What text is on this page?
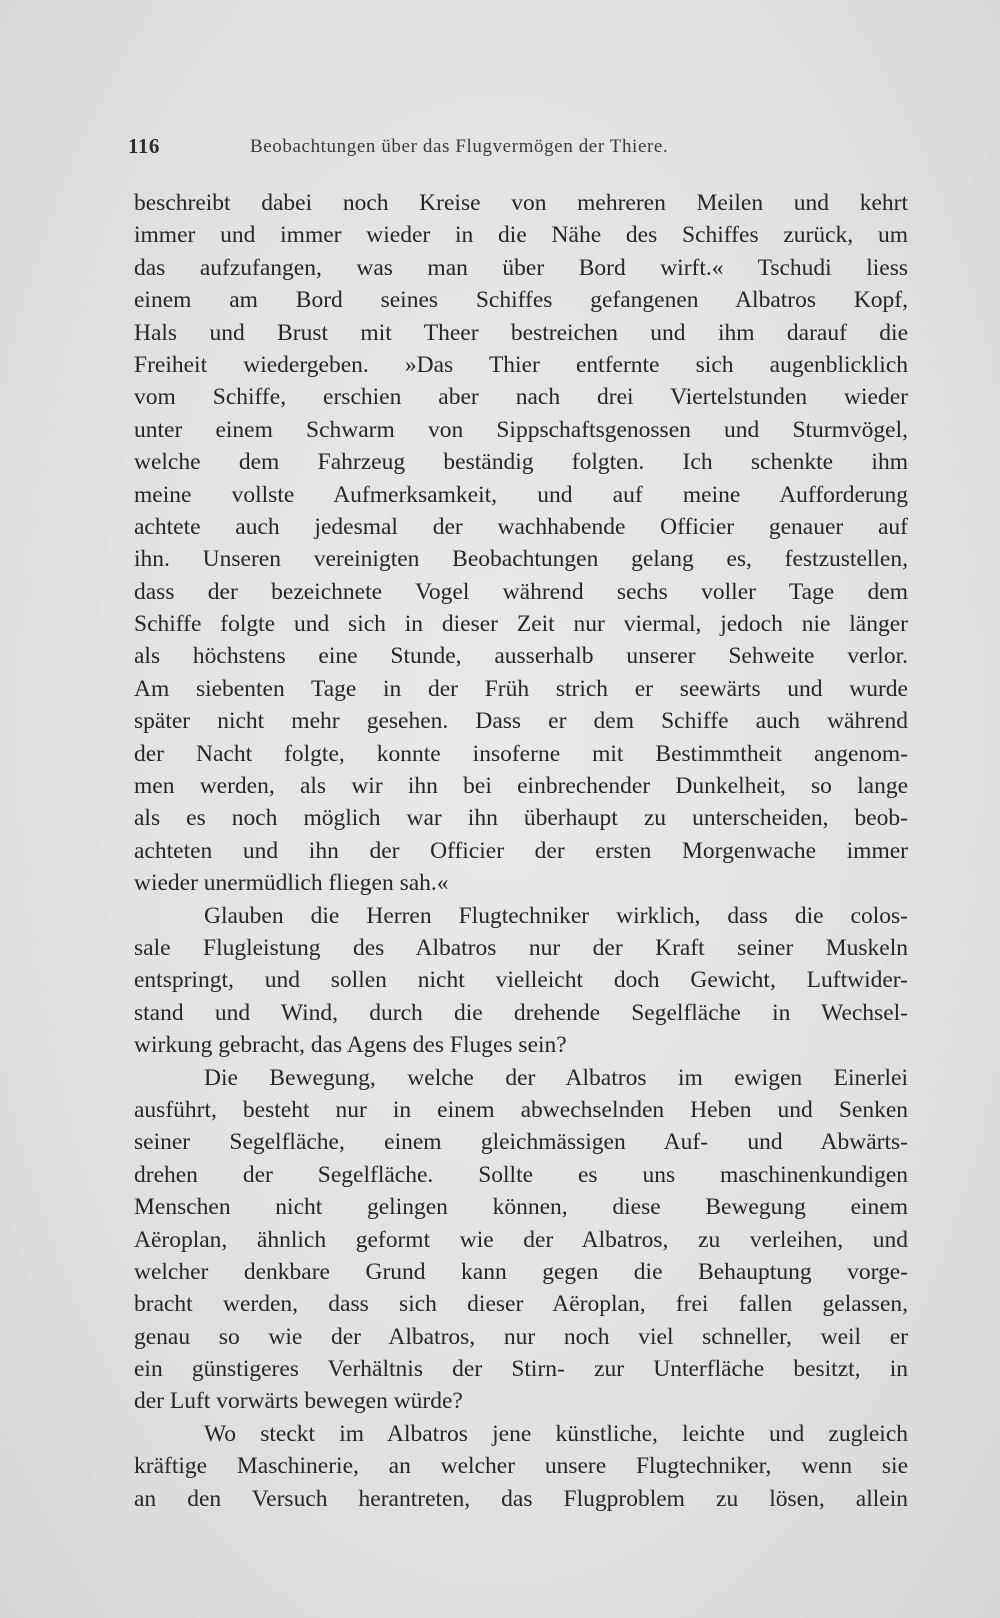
116	Beobachtungen über das Flugvermögen der Thiere.
beschreibt dabei noch Kreise von mehreren Meilen und kehrt
immer und immer wieder in die Nähe des Schiffes zurück, um
das aufzufangen, was man über Bord wirft.« Tschudi liess
einem am Bord seines Schiffes gefangenen Albatros Kopf,
Hals und Brust mit Theer bestreichen und ihm darauf die
Freiheit wiedergeben. »Das Thier entfernte sich augenblicklich
vom Schiffe, erschien aber nach drei Viertelstunden wieder
unter einem Schwarm von Sippschaftsgenossen und Sturmvögel,
welche dem Fahrzeug beständig folgten. Ich schenkte ihm
meine vollste Aufmerksamkeit, und auf meine Aufforderung
achtete auch jedesmal der wachhabende Officier genauer auf
ihn. Unseren vereinigten Beobachtungen gelang es, festzustellen,
dass der bezeichnete Vogel während sechs voller Tage dem
Schiffe folgte und sich in dieser Zeit nur viermal, jedoch nie länger
als höchstens eine Stunde, ausserhalb unserer Sehweite verlor.
Am siebenten Tage in der Früh strich er seewärts und wurde
später nicht mehr gesehen. Dass er dem Schiffe auch während
der Nacht folgte, konnte insoferne mit Bestimmtheit angenom-
men werden, als wir ihn bei einbrechender Dunkelheit, so lange
als es noch möglich war ihn überhaupt zu unterscheiden, beob-
achteten und ihn der Officier der ersten Morgenwache immer
wieder unermüdlich fliegen sah.«
Glauben die Herren Flugtechniker wirklich, dass die colos-
sale Flugleistung des Albatros nur der Kraft seiner Muskeln
entspringt, und sollen nicht vielleicht doch Gewicht, Luftwider-
stand und Wind, durch die drehende Segelfläche in Wechsel-
wirkung gebracht, das Agens des Fluges sein?
Die Bewegung, welche der Albatros im ewigen Einerlei
ausführt, besteht nur in einem abwechselnden Heben und Senken
seiner Segelfläche, einem gleichmässigen Auf- und Abwärts-
drehen der Segelfläche. Sollte es uns maschinenkundigen
Menschen nicht gelingen können, diese Bewegung einem
Aëroplan, ähnlich geformt wie der Albatros, zu verleihen, und
welcher denkbare Grund kann gegen die Behauptung vorge-
bracht werden, dass sich dieser Aëroplan, frei fallen gelassen,
genau so wie der Albatros, nur noch viel schneller, weil er
ein günstigeres Verhältnis der Stirn- zur Unterfläche besitzt, in
der Luft vorwärts bewegen würde?
Wo steckt im Albatros jene künstliche, leichte und zugleich
kräftige Maschinerie, an welcher unsere Flugtechniker, wenn sie
an den Versuch herantreten, das Flugproblem zu lösen, allein
